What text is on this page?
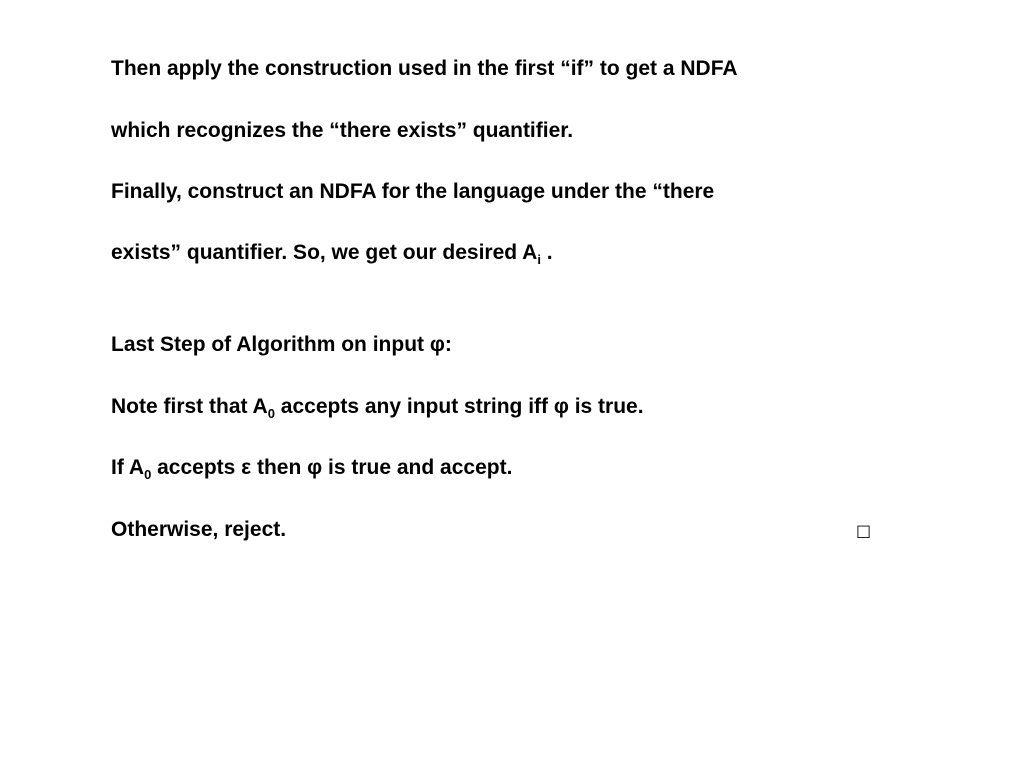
Then apply the construction used in the first “if” to get a NDFA
which recognizes the “there exists” quantifier.
Finally, construct an NDFA for the language under the “there
exists” quantifier. So, we get our desired $A_i$ .
Last Step of Algorithm on input φ:
Note first that $A_0$ accepts any input string iff φ is true.
If $A_0$ accepts ε then φ is true and accept.
Otherwise, reject.	□
